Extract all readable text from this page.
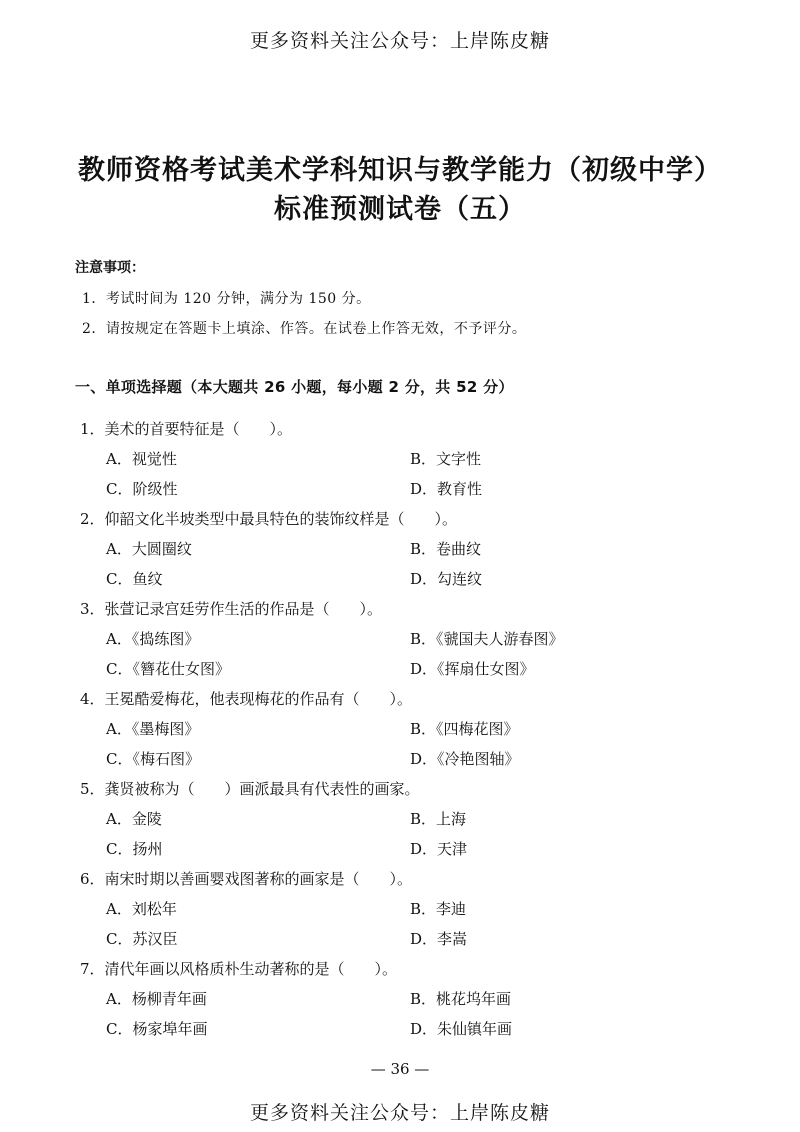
更多资料关注公众号：上岸陈皮糖
教师资格考试美术学科知识与教学能力（初级中学）
标准预测试卷（五）
注意事项：
1．考试时间为 120 分钟，满分为 150 分。
2．请按规定在答题卡上填涂、作答。在试卷上作答无效，不予评分。
一、单项选择题（本大题共 26 小题，每小题 2 分，共 52 分）
1．美术的首要特征是（　　）。
A．视觉性	B．文字性
C．阶级性	D．教育性
2．仰韶文化半坡类型中最具特色的装饰纹样是（　　）。
A．大圆圈纹	B．卷曲纹
C．鱼纹	D．勾连纹
3．张萱记录宫廷劳作生活的作品是（　　）。
A．《捣练图》	B．《虢国夫人游春图》
C．《簪花仕女图》	D．《挥扇仕女图》
4．王冕酷爱梅花，他表现梅花的作品有（　　）。
A．《墨梅图》	B．《四梅花图》
C．《梅石图》	D．《冷艳图轴》
5．龚贤被称为（　　）画派最具有代表性的画家。
A．金陵	B．上海
C．扬州	D．天津
6．南宋时期以善画婴戏图著称的画家是（　　）。
A．刘松年	B．李迪
C．苏汉臣	D．李嵩
7．清代年画以风格质朴生动著称的是（　　）。
A．杨柳青年画	B．桃花坞年画
C．杨家埠年画	D．朱仙镇年画
— 36 —
更多资料关注公众号：上岸陈皮糖
